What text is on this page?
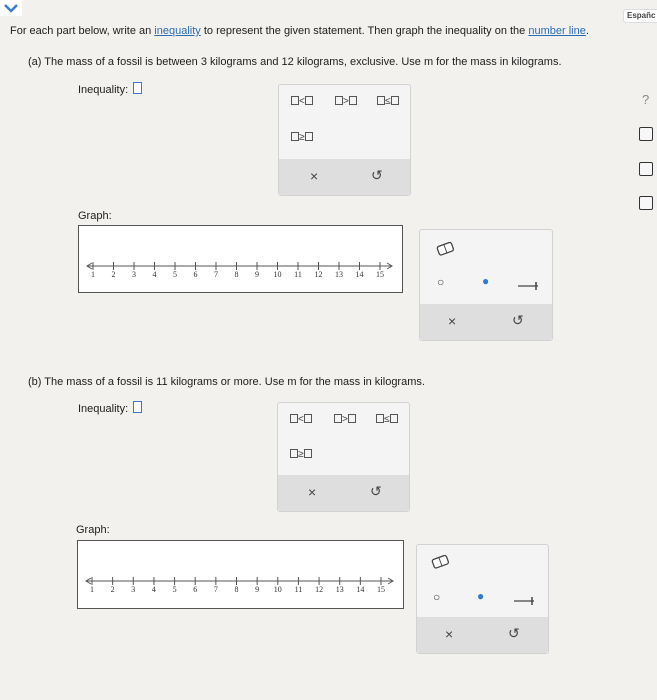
Españc
For each part below, write an inequality to represent the given statement. Then graph the inequality on the number line.
?
(a) The mass of a fossil is between 3 kilograms and 12 kilograms, exclusive. Use m for the mass in kilograms.
Inequality:
<	>	≤
≥
×	↺
Graph:
1 2 3 4 5 6 7 8 9 10 11 12 13 14 15
○	●
×	↺
(b) The mass of a fossil is 11 kilograms or more. Use m for the mass in kilograms.
Inequality:
<	>	≤
≥
×	↺
Graph:
1 2 3 4 5 6 7 8 9 10 11 12 13 14 15
○	●
×	↺
